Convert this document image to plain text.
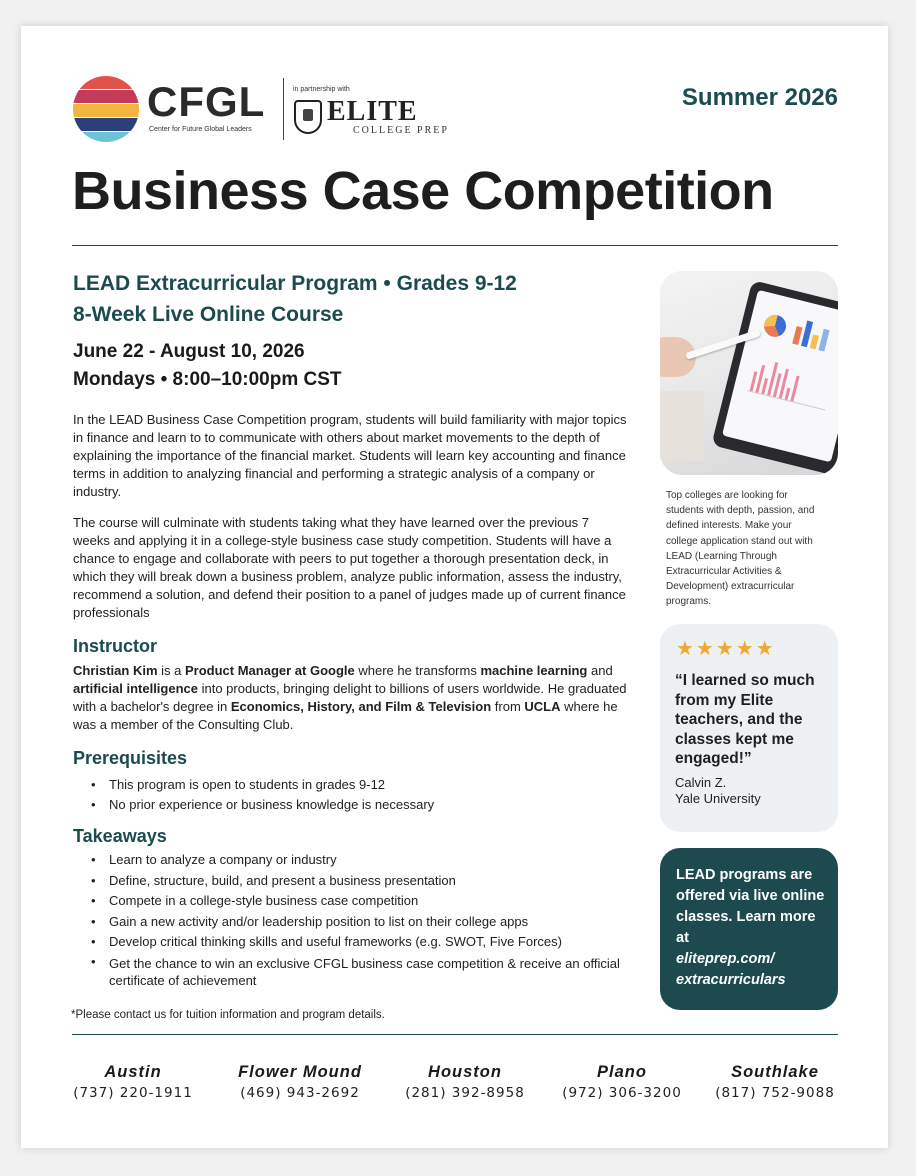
CFGL
Center for Future Global Leaders
in partnership with
ELITE
COLLEGE PREP
Summer 2026
Business Case Competition
LEAD Extracurricular Program • Grades 9-12
8-Week Live Online Course
June 22 - August 10, 2026
Mondays • 8:00–10:00pm CST
In the LEAD Business Case Competition program, students will build familiarity with major topics in finance and learn to to communicate with others about market movements to the depth of explaining the importance of the financial market. Students will learn key accounting and finance terms in addition to analyzing financial and performing a strategic analysis of a company or industry.
The course will culminate with students taking what they have learned over the previous 7 weeks and applying it in a college-style business case study competition. Students will have a chance to engage and collaborate with peers to put together a thorough presentation deck, in which they will break down a business problem, analyze public information, assess the industry, recommend a solution, and defend their position to a panel of judges made up of current finance professionals
Instructor
Christian Kim is a Product Manager at Google where he transforms machine learning and artificial intelligence into products, bringing delight to billions of users worldwide. He graduated with a bachelor's degree in Economics, History, and Film & Television from UCLA where he was a member of the Consulting Club.
Prerequisites
• This program is open to students in grades 9-12
• No prior experience or business knowledge is necessary
Takeaways
• Learn to analyze a company or industry
• Define, structure, build, and present a business presentation
• Compete in a college-style business case competition
• Gain a new activity and/or leadership position to list on their college apps
• Develop critical thinking skills and useful frameworks (e.g. SWOT, Five Forces)
• Get the chance to win an exclusive CFGL business case competition & receive an official certificate of achievement
*Please contact us for tuition information and program details.
Top colleges are looking for students with depth, passion, and defined interests. Make your college application stand out with LEAD (Learning Through Extracurricular Activities & Development) extracurricular programs.
★★★★★
“I learned so much from my Elite teachers, and the classes kept me engaged!”
Calvin Z.
Yale University
LEAD programs are offered via live online classes. Learn more at
eliteprep.com/ extracurriculars
Austin
(737) 220-1911
Flower Mound
(469) 943-2692
Houston
(281) 392-8958
Plano
(972) 306-3200
Southlake
(817) 752-9088
